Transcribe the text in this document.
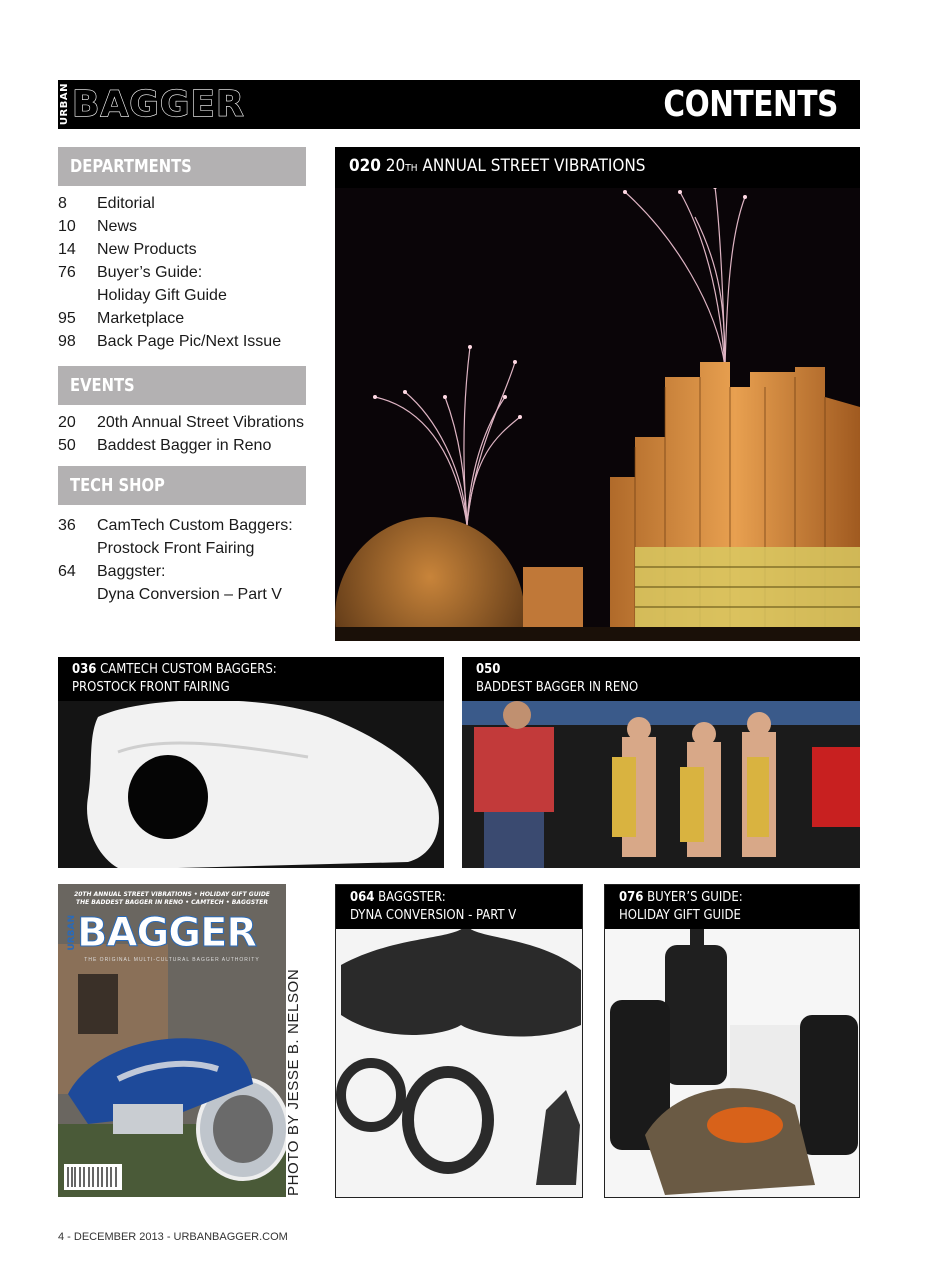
URBAN BAGGER	CONTENTS
DEPARTMENTS
8	Editorial
10	News
14	New Products
76	Buyer’s Guide:
Holiday Gift Guide
95	Marketplace
98	Back Page Pic/Next Issue
EVENTS
20	20th Annual Street Vibrations
50	Baddest Bagger in Reno
TECH SHOP
36	CamTech Custom Baggers:
Prostock Front Fairing
64	Baggster:
Dyna Conversion – Part V
020 20TH ANNUAL STREET VIBRATIONS
036 CAMTECH CUSTOM BAGGERS:
PROSTOCK FRONT FAIRING
050
BADDEST BAGGER IN RENO
20TH ANNUAL STREET VIBRATIONS • HOLIDAY GIFT GUIDE
THE BADDEST BAGGER IN RENO • CAMTECH • BAGGSTER
URBAN BAGGER
THE ORIGINAL MULTI-CULTURAL BAGGER AUTHORITY
PHOTO BY JESSE B. NELSON
064 BAGGSTER:
DYNA CONVERSION - PART V
076 BUYER’S GUIDE:
HOLIDAY GIFT GUIDE
4 - DECEMBER 2013 - URBANBAGGER.COM
